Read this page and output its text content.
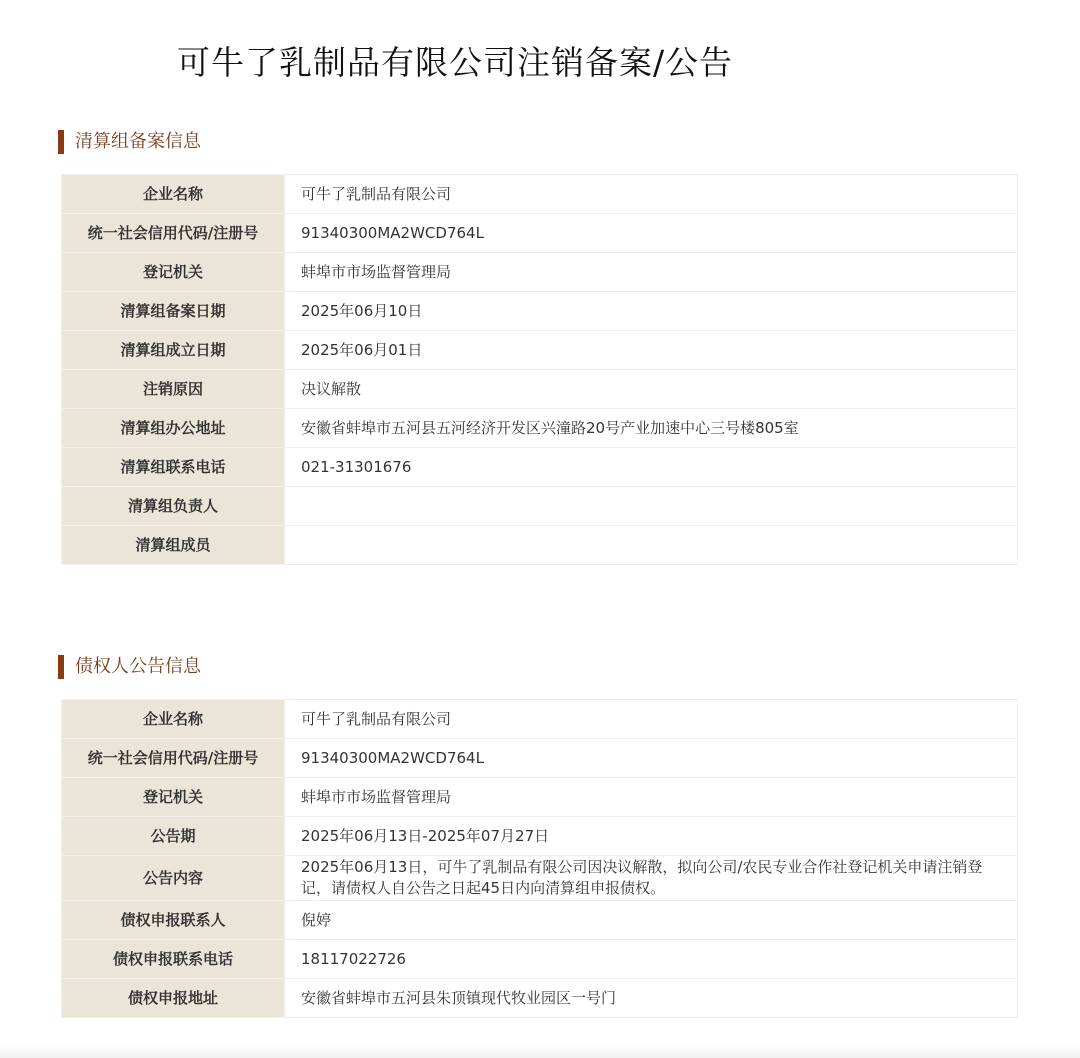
可牛了乳制品有限公司注销备案/公告
清算组备案信息
企业名称	可牛了乳制品有限公司
统一社会信用代码/注册号	91340300MA2WCD764L
登记机关	蚌埠市市场监督管理局
清算组备案日期	2025年06月10日
清算组成立日期	2025年06月01日
注销原因	决议解散
清算组办公地址	安徽省蚌埠市五河县五河经济开发区兴潼路20号产业加速中心三号楼805室
清算组联系电话	021-31301676
清算组负责人	
清算组成员	
债权人公告信息
企业名称	可牛了乳制品有限公司
统一社会信用代码/注册号	91340300MA2WCD764L
登记机关	蚌埠市市场监督管理局
公告期	2025年06月13日-2025年07月27日
公告内容	2025年06月13日，可牛了乳制品有限公司因决议解散，拟向公司/农民专业合作社登记机关申请注销登记，请债权人自公告之日起45日内向清算组申报债权。
债权申报联系人	倪婷
债权申报联系电话	18117022726
债权申报地址	安徽省蚌埠市五河县朱顶镇现代牧业园区一号门
